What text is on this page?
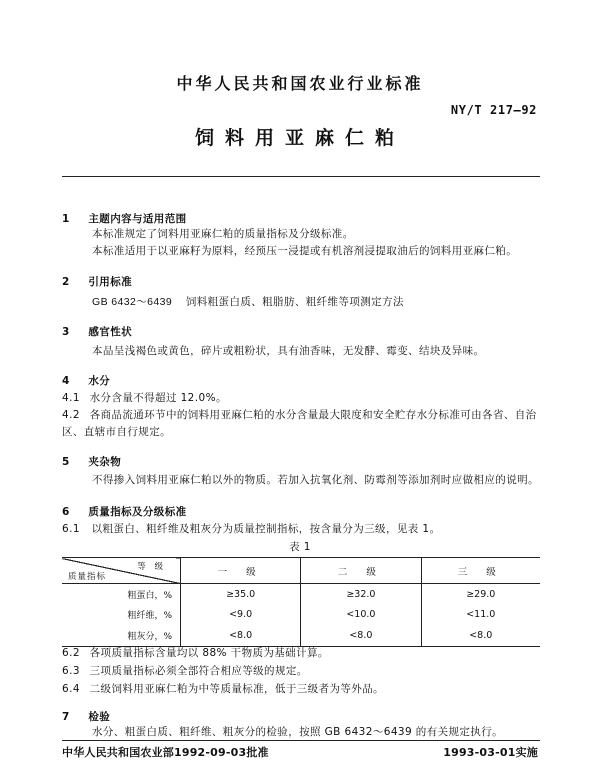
中华人民共和国农业行业标准
NY/T 217—92
饲料用亚麻仁粕
1 主题内容与适用范围
本标准规定了饲料用亚麻仁粕的质量指标及分级标准。
本标准适用于以亚麻籽为原料，经预压一浸提或有机溶剂浸提取油后的饲料用亚麻仁粕。
2 引用标准
GB 6432～6439 饲料粗蛋白质、粗脂肪、粗纤维等项测定方法
3 感官性状
本品呈浅褐色或黄色，碎片或粗粉状，具有油香味，无发酵、霉变、结块及异味。
4 水分
4.1 水分含量不得超过 12.0%。
4.2 各商品流通环节中的饲料用亚麻仁粕的水分含量最大限度和安全贮存水分标准可由各省、自治
区、直辖市自行规定。
5 夹杂物
不得掺入饲料用亚麻仁粕以外的物质。若加入抗氧化剂、防霉剂等添加剂时应做相应的说明。
6 质量指标及分级标准
6.1 以粗蛋白、粗纤维及粗灰分为质量控制指标，按含量分为三级，见表 1。
表 1
等 级
质量指标	一 级	二 级	三 级
粗蛋白，%	≥35.0	≥32.0	≥29.0
粗纤维，%	<9.0	<10.0	<11.0
粗灰分，%	<8.0	<8.0	<8.0
6.2 各项质量指标含量均以 88% 干物质为基础计算。
6.3 三项质量指标必须全部符合相应等级的规定。
6.4 二级饲料用亚麻仁粕为中等质量标准，低于三级者为等外品。
7 检验
水分、粗蛋白质、粗纤维、粗灰分的检验，按照 GB 6432～6439 的有关规定执行。
中华人民共和国农业部1992-09-03批准	1993-03-01实施
